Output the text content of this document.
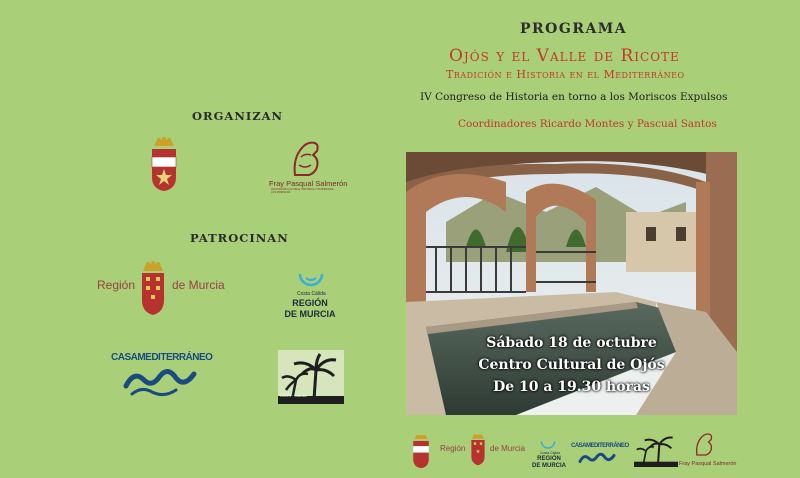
ORGANIZAN
Fray Pasqual Salmerón
ASOCIACIÓN CULTURAL HISTÓRICA Y PATRIMONIAL · LOS MORISCOS
PATROCINAN
Región	de Murcia
Costa Cálida
REGIÓN
DE MURCIA
CASAMEDITERRÁNEO
OJÓS · Murcia
PROGRAMA
Ojós y el Valle de Ricote
Tradición e Historia en el Mediterráneo
IV Congreso de Historia en torno a los Moriscos Expulsos
Coordinadores Ricardo Montes y Pascual Santos
Sábado 18 de octubre
Centro Cultural de Ojós
De 10 a 19.30 horas
Región	de Murcia	Costa Cálida
REGIÓN
DE MURCIA
CASAMEDITERRÁNEO
Fray Pasqual Salmerón
